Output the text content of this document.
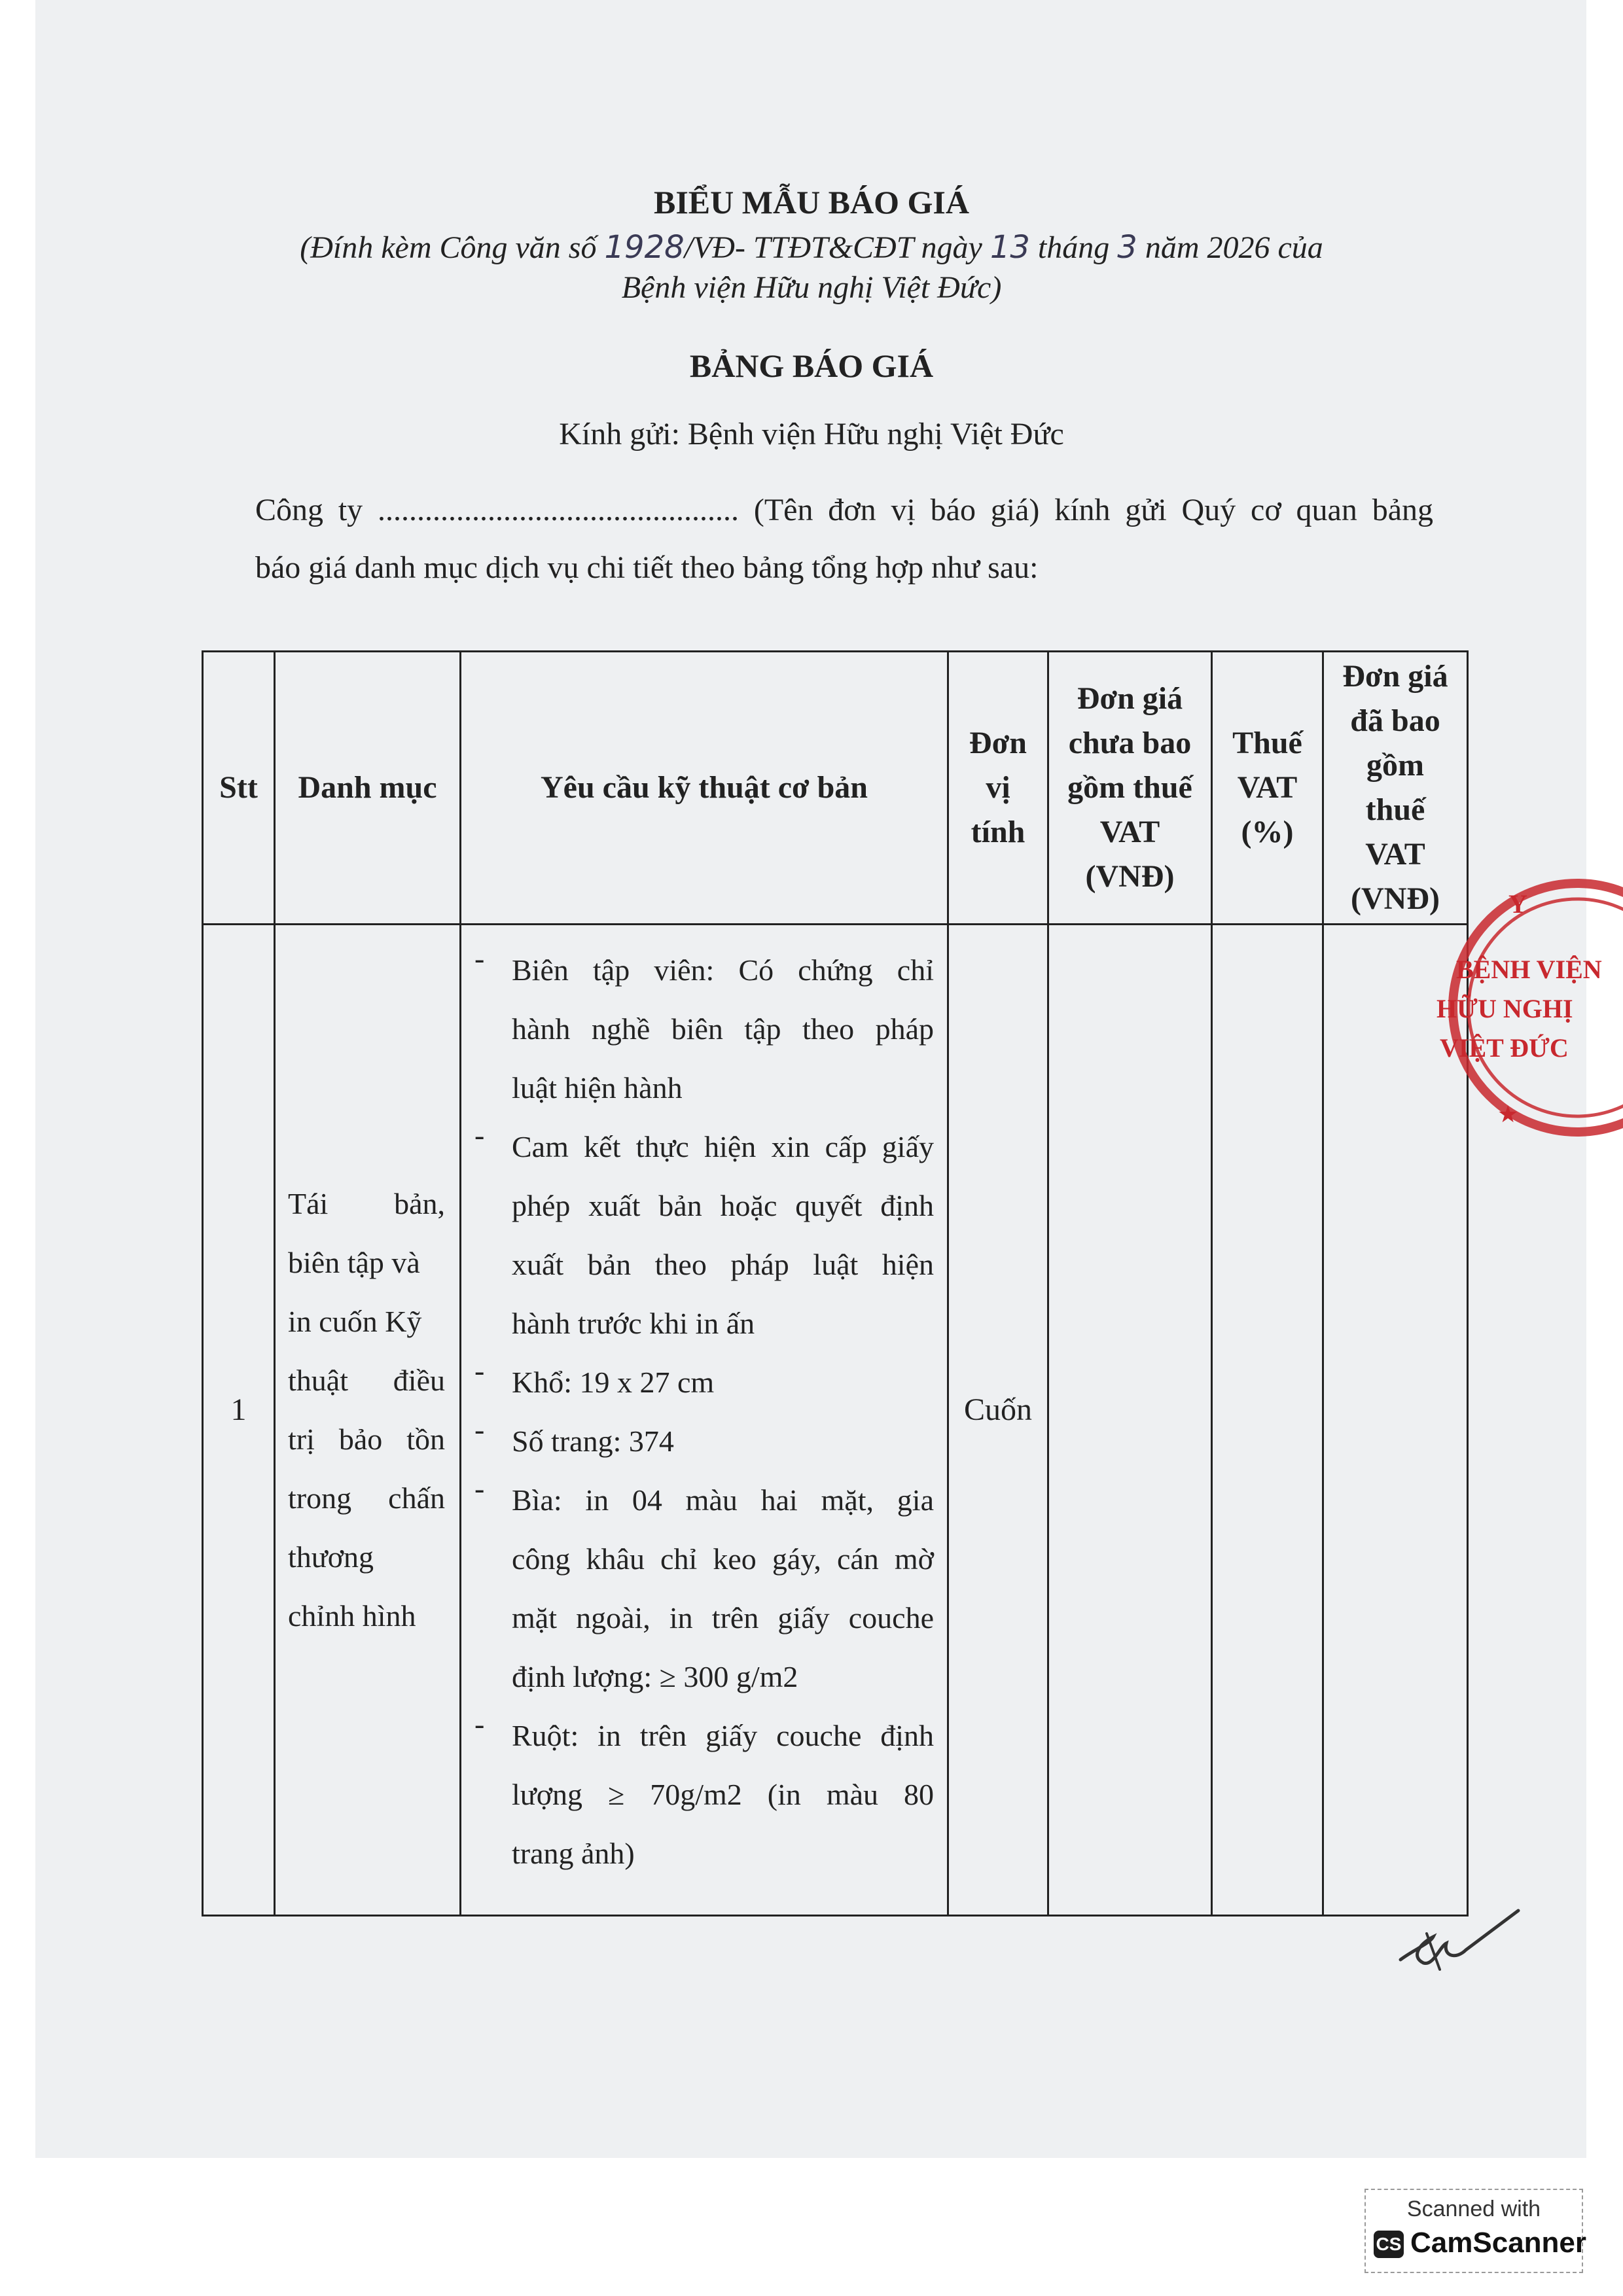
BIỂU MẪU BÁO GIÁ
(Đính kèm Công văn số 1928/VĐ- TTĐT&CĐT ngày 13 tháng 3 năm 2026 của
Bệnh viện Hữu nghị Việt Đức)
BẢNG BÁO GIÁ
Kính gửi: Bệnh viện Hữu nghị Việt Đức
Công ty .............................................. (Tên đơn vị báo giá) kính gửi Quý cơ quan bảng
báo giá danh mục dịch vụ chi tiết theo bảng tổng hợp như sau:
Stt	Danh mục	Yêu cầu kỹ thuật cơ bản
Đơn
vị
tính
Đơn giá
chưa bao
gồm thuế
VAT
(VNĐ)
Thuế
VAT
(%)
Đơn giá
đã bao
gồm
thuế
VAT
(VNĐ)
1
Tái bản,
biên tập và
in cuốn Kỹ
thuật điều
trị bảo tồn
trong chấn
thương
chỉnh hình
-
-
-
-
-
-
Biên tập viên: Có chứng chỉ
hành nghề biên tập theo pháp
luật hiện hành
Cam kết thực hiện xin cấp giấy
phép xuất bản hoặc quyết định
xuất bản theo pháp luật hiện
hành trước khi in ấn
Khổ: 19 x 27 cm
Số trang: 374
Bìa: in 04 màu hai mặt, gia
công khâu chỉ keo gáy, cán mờ
mặt ngoài, in trên giấy couche
định lượng: ≥ 300 g/m2
Ruột: in trên giấy couche định
lượng ≥ 70g/m2 (in màu 80
trang ảnh)
Cuốn
Y
BỆNH VIỆN
HỮU NGHỊ
VIỆT ĐỨC
★
Scanned with
CS CamScanner
